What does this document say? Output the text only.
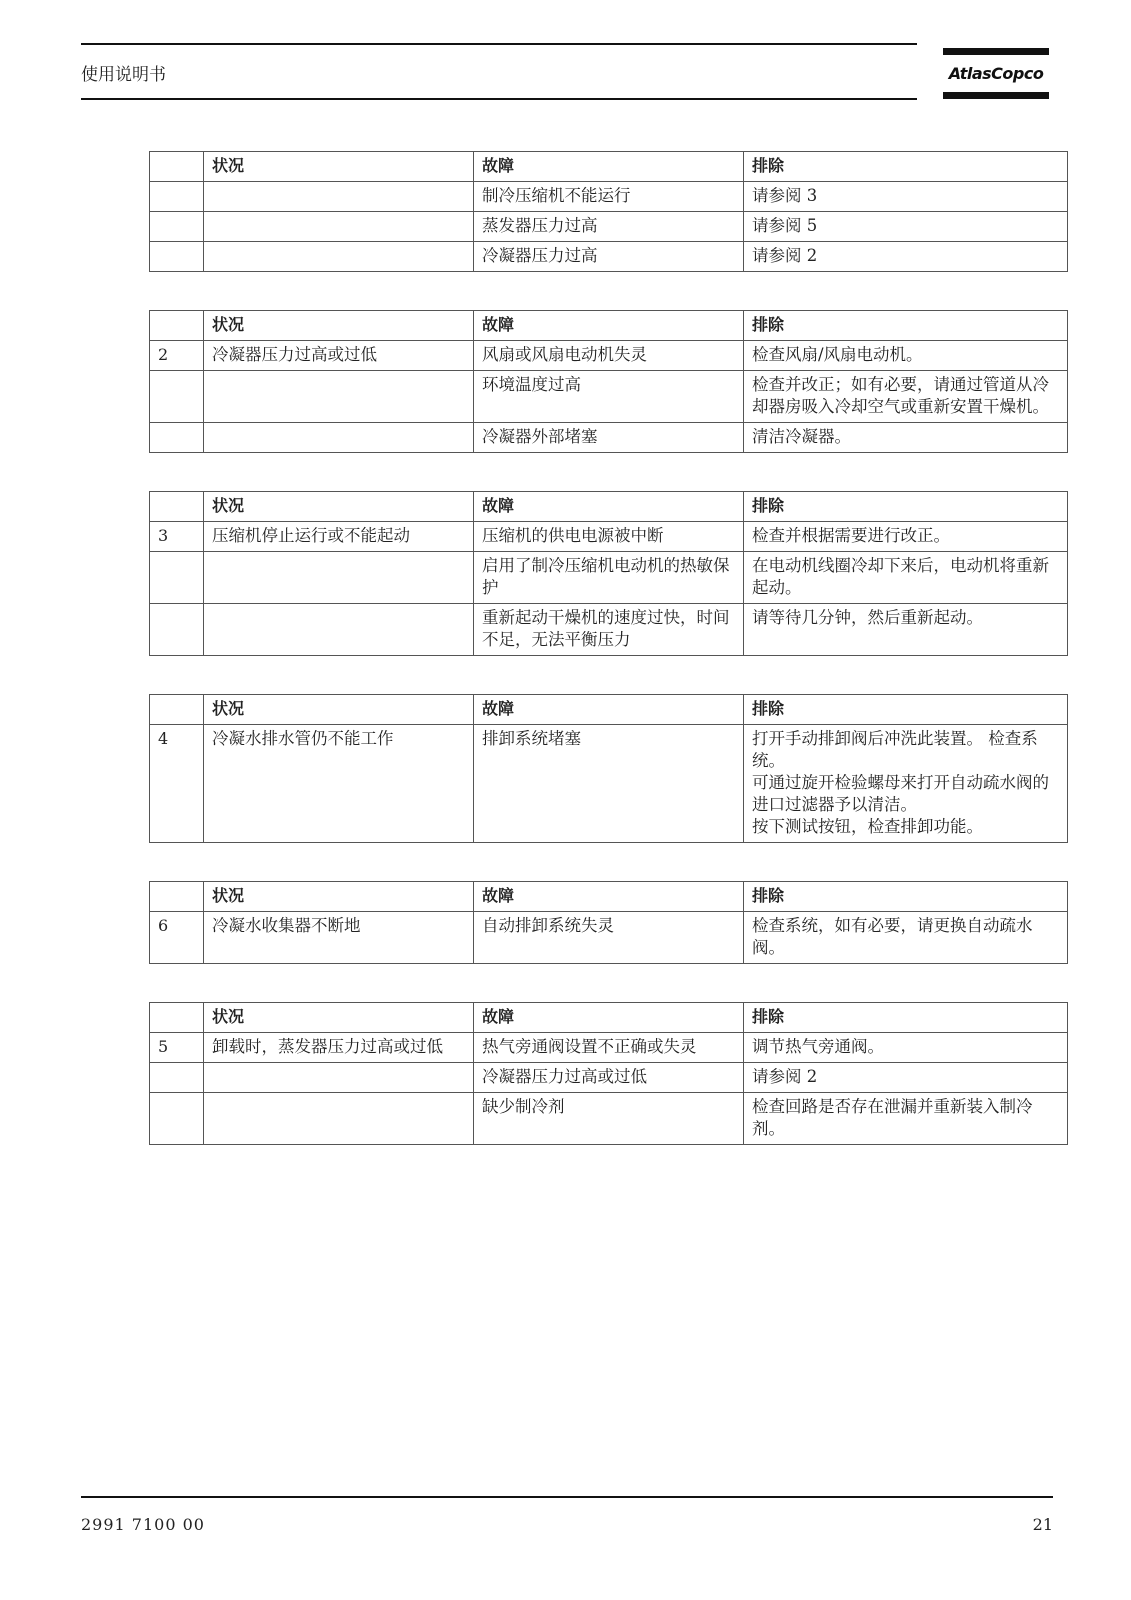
使用说明书	AtlasCopco
	状况	故障	排除
		制冷压缩机不能运行	请参阅 3

		蒸发器压力过高	请参阅 5

		冷凝器压力过高	请参阅 2
	状况	故障	排除
2	冷凝器压力过高或过低	风扇或风扇电动机失灵	检查风扇/风扇电动机。

		环境温度过高	检查并改正；如有必要，请通过管道从冷却器房吸入冷却空气或重新安置干燥机。

		冷凝器外部堵塞	清洁冷凝器。
	状况	故障	排除
3	压缩机停止运行或不能起动	压缩机的供电电源被中断	检查并根据需要进行改正。

		启用了制冷压缩机电动机的热敏保护	在电动机线圈冷却下来后，电动机将重新起动。

		重新起动干燥机的速度过快，时间不足，无法平衡压力	请等待几分钟，然后重新起动。
	状况	故障	排除
4	冷凝水排水管仍不能工作	排卸系统堵塞	打开手动排卸阀后冲洗此装置。 检查系统。
可通过旋开检验螺母来打开自动疏水阀的进口过滤器予以清洁。
按下测试按钮，检查排卸功能。
	状况	故障	排除
6	冷凝水收集器不断地	自动排卸系统失灵	检查系统，如有必要，请更换自动疏水阀。
	状况	故障	排除
5	卸载时，蒸发器压力过高或过低	热气旁通阀设置不正确或失灵	调节热气旁通阀。

		冷凝器压力过高或过低	请参阅 2

		缺少制冷剂	检查回路是否存在泄漏并重新装入制冷剂。
2991 7100 00	21
